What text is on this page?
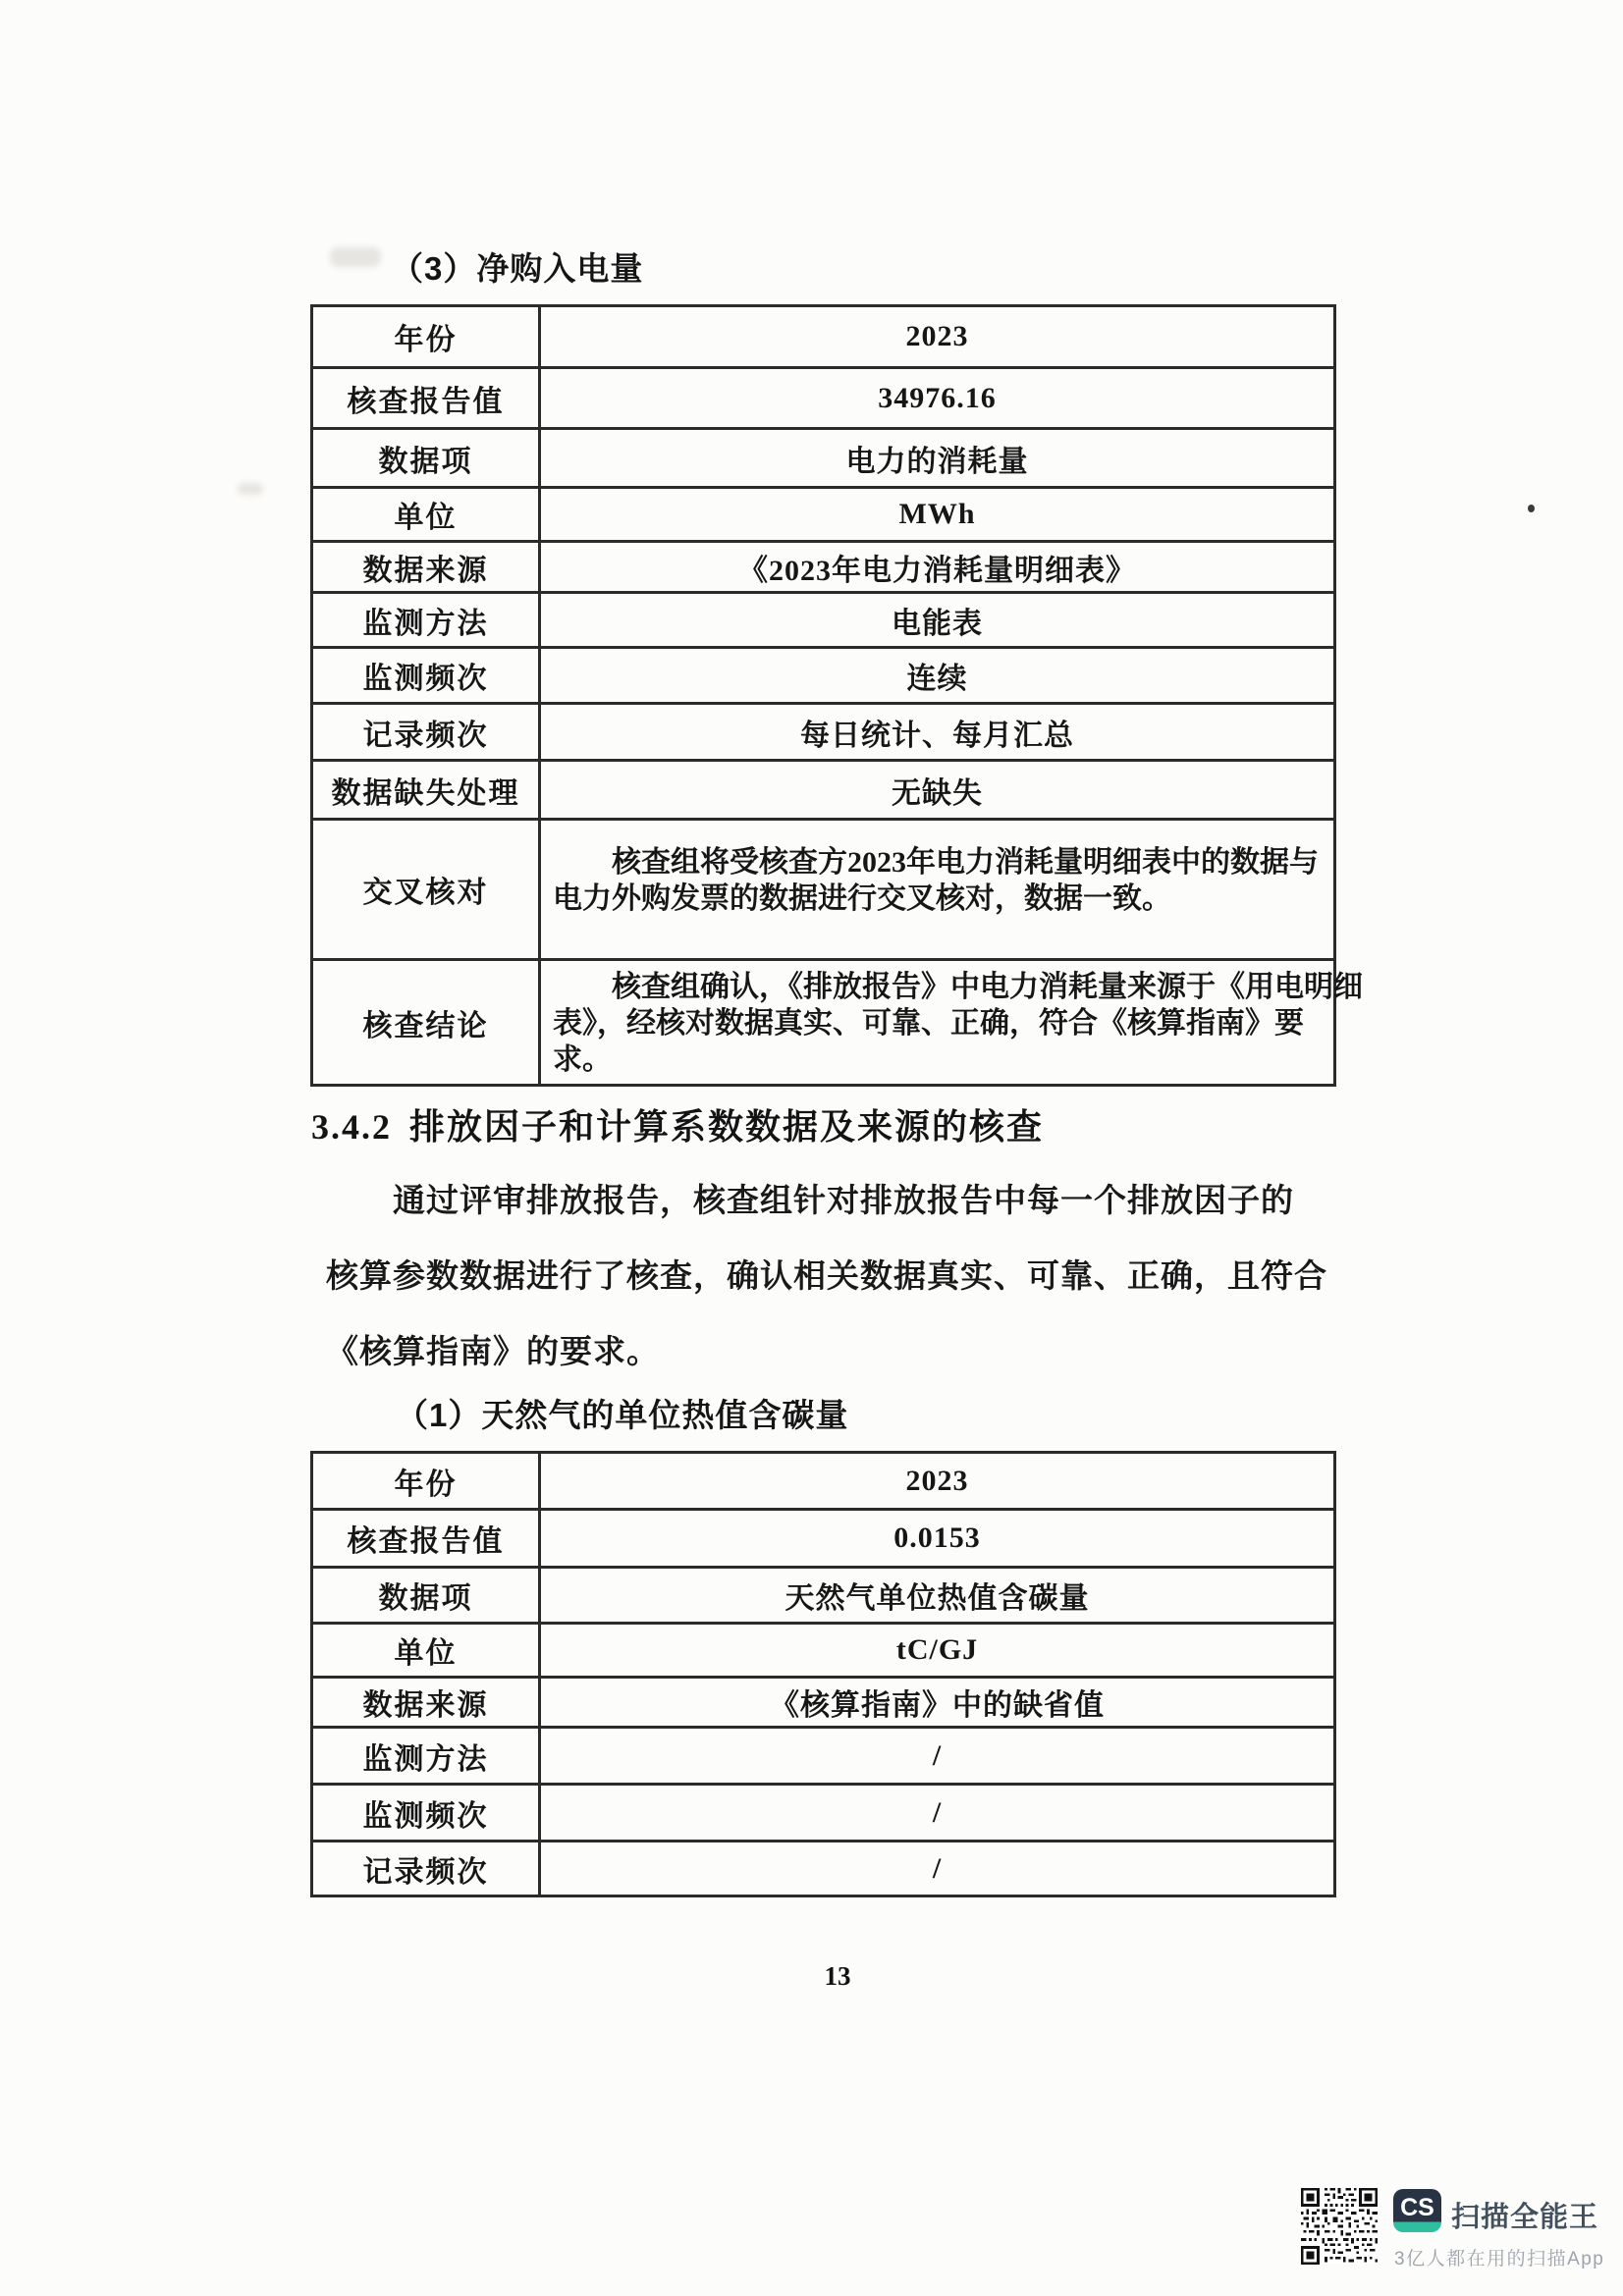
（3）净购入电量
年份	2023
核查报告值	34976.16
数据项	电力的消耗量
单位	MWh
数据来源	《2023年电力消耗量明细表》
监测方法	电能表
监测频次	连续
记录频次	每日统计、每月汇总
数据缺失处理	无缺失
交叉核对	核查组将受核查方2023年电力消耗量明细表中的数据与
电力外购发票的数据进行交叉核对，数据一致。

核查结论	核查组确认，《排放报告》中电力消耗量来源于《用电明细
表》，经核对数据真实、可靠、正确，符合《核算指南》要
求。
3.4.2 排放因子和计算系数数据及来源的核查
通过评审排放报告，核查组针对排放报告中每一个排放因子的
核算参数数据进行了核查，确认相关数据真实、可靠、正确，且符合
《核算指南》的要求。
（1）天然气的单位热值含碳量
年份	2023
核查报告值	0.0153
数据项	天然气单位热值含碳量
单位	tC/GJ
数据来源	《核算指南》中的缺省值
监测方法	/
监测频次	/
记录频次	/
13
CS 扫描全能王
3亿人都在用的扫描App
